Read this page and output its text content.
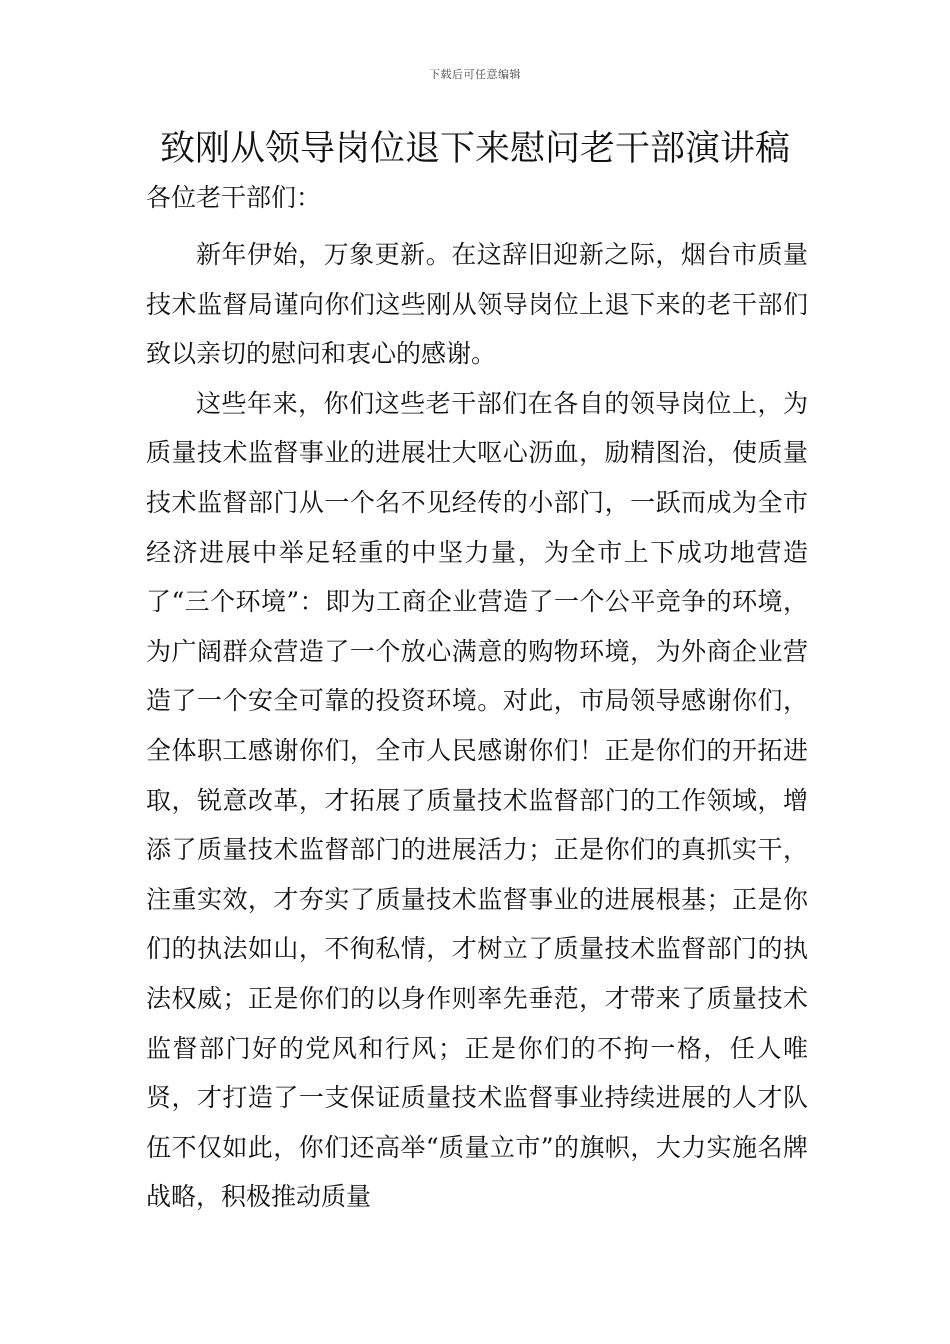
下载后可任意编辑
致刚从领导岗位退下来慰问老干部演讲稿

各位老干部们：

新年伊始，万象更新。在这辞旧迎新之际，烟台市质量技术监督局谨向你们这些刚从领导岗位上退下来的老干部们致以亲切的慰问和衷心的感谢。

这些年来，你们这些老干部们在各自的领导岗位上，为质量技术监督事业的进展壮大呕心沥血，励精图治，使质量技术监督部门从一个名不见经传的小部门，一跃而成为全市经济进展中举足轻重的中坚力量，为全市上下成功地营造了“三个环境”：即为工商企业营造了一个公平竞争的环境，为广阔群众营造了一个放心满意的购物环境，为外商企业营造了一个安全可靠的投资环境。对此，市局领导感谢你们，全体职工感谢你们，全市人民感谢你们！正是你们的开拓进取，锐意改革，才拓展了质量技术监督部门的工作领域，增添了质量技术监督部门的进展活力；正是你们的真抓实干，注重实效，才夯实了质量技术监督事业的进展根基；正是你们的执法如山，不徇私情，才树立了质量技术监督部门的执法权威；正是你们的以身作则率先垂范，才带来了质量技术监督部门好的党风和行风；正是你们的不拘一格，任人唯贤，才打造了一支保证质量技术监督事业持续进展的人才队伍不仅如此，你们还高举“质量立市”的旗帜，大力实施名牌战略，积极推动质量
